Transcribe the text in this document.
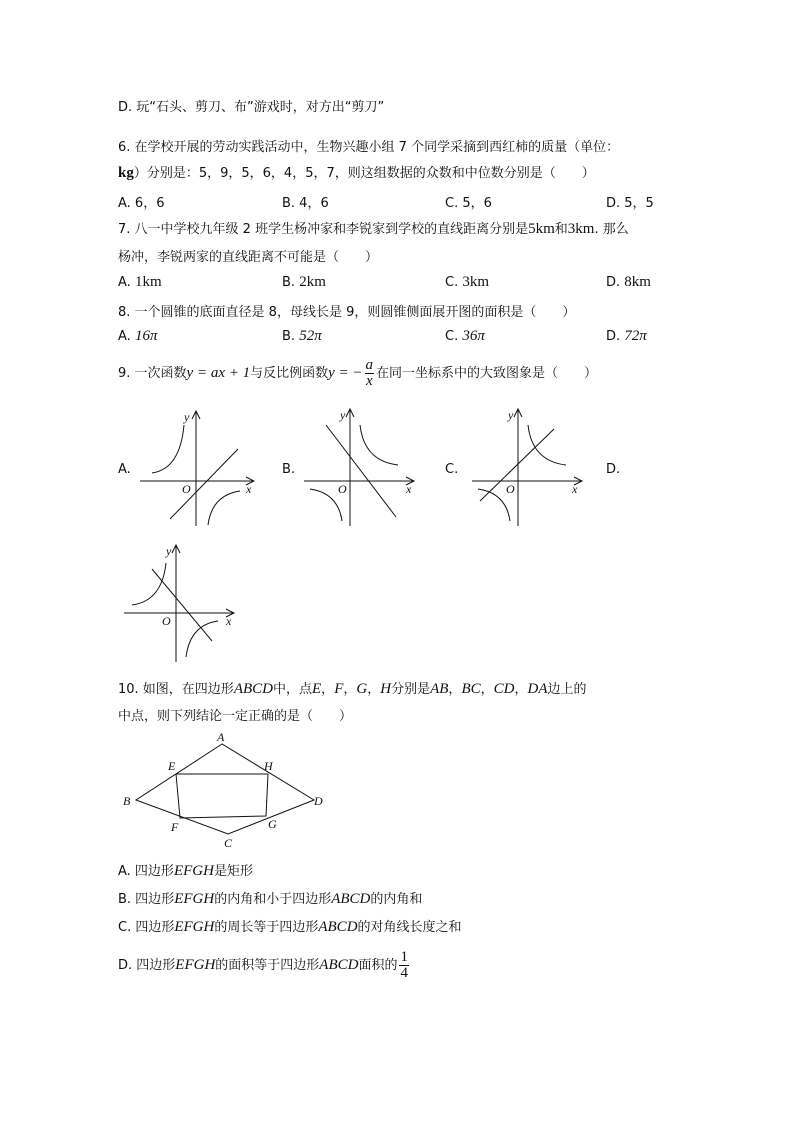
D. 玩“石头、剪刀、布”游戏时，对方出“剪刀”
6. 在学校开展的劳动实践活动中，生物兴趣小组 7 个同学采摘到西红柿的质量（单位：
kg）分别是：5，9，5，6，4，5，7，则这组数据的众数和中位数分别是（　　）
A. 6，6	B. 4，6	C. 5，6	D. 5，5
7. 八一中学校九年级 2 班学生杨冲家和李锐家到学校的直线距离分别是5km和3km. 那么
杨冲，李锐两家的直线距离不可能是（　　）
A. 1km	B. 2km	C. 3km	D. 8km
8. 一个圆锥的底面直径是 8，母线长是 9，则圆锥侧面展开图的面积是（　　）
A. 16π	B. 52π	C. 36π	D. 72π
9. 一次函数y = ax + 1与反比例函数y = − $\frac{a}{x}$ 在同一坐标系中的大致图象是（　　）
A.	B.	C.	D.
O	x
y
O	x
y
O	x
y
O	x
y
10. 如图，在四边形ABCD中，点E，F，G，H分别是AB，BC，CD，DA边上的
中点，则下列结论一定正确的是（　　）
A
B
C
D
E
F	G
H
A. 四边形EFGH是矩形
B. 四边形EFGH的内角和小于四边形ABCD的内角和
C. 四边形EFGH的周长等于四边形ABCD的对角线长度之和
D. 四边形EFGH的面积等于四边形ABCD面积的 $\frac{1}{4}$
